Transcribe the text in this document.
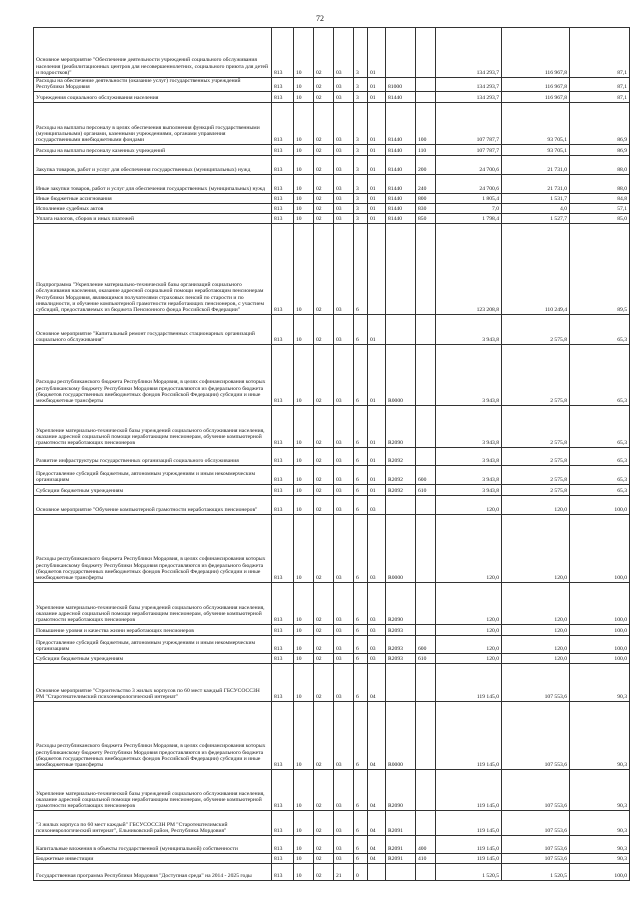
72
Основное мероприятие "Обеспечение деятельности учреждений социального обслуживания населения (реабилитационных центров для несовершеннолетних, социального приюта для детей и подростков)"	813	10	02	03	3	01			134 293,7	116 967,8	87,1
Расходы на обеспечение деятельности (оказание услуг) государственных учреждений Республики Мордовия	813	10	02	03	3	01	81000		134 293,7	116 967,8	87,1
Учреждения социального обслуживания населения	813	10	02	03	3	01	81440		134 293,7	116 967,8	87,1
Расходы на выплаты персоналу в целях обеспечения выполнения функций государственными (муниципальными) органами, казенными учреждениями, органами управления государственными внебюджетными фондами	813	10	02	03	3	01	81440	100	107 787,7	93 705,1	86,9
Расходы на выплаты персоналу казенных учреждений	813	10	02	03	3	01	81440	110	107 787,7	93 705,1	86,9
Закупка товаров, работ и услуг для обеспечения государственных (муниципальных) нужд	813	10	02	03	3	01	81440	200	24 700,6	21 731,0	88,0
Иные закупки товаров, работ и услуг для обеспечения государственных (муниципальных) нужд	813	10	02	03	3	01	81440	240	24 700,6	21 731,0	88,0
Иные бюджетные ассигнования	813	10	02	03	3	01	81440	800	1 805,4	1 531,7	84,8
Исполнение судебных актов	813	10	02	03	3	01	81440	830	7,0	4,0	57,1
Уплата налогов, сборов и иных платежей	813	10	02	03	3	01	81440	850	1 798,4	1 527,7	85,0
Подпрограмма "Укрепление материально-технической базы организаций социального обслуживания населения, оказание адресной социальной помощи неработающим пенсионерам Республики Мордовия, являющимся получателями страховых пенсий по старости и по инвалидности, и обучение компьютерной грамотности неработающих пенсионеров, с участием субсидий, предоставляемых из бюджета Пенсионного фонда Российской Федерации"	813	10	02	03	6				123 208,8	110 249,4	89,5
Основное мероприятие "Капитальный ремонт государственных стационарных организаций социального обслуживания"	813	10	02	03	6	01			3 943,8	2 575,8	65,3
Расходы республиканского бюджета Республики Мордовия, в целях софинансирования которых республиканскому бюджету Республики Мордовия предоставляются из федерального бюджета (бюджетов государственных внебюджетных фондов Российской Федерации) субсидии и иные межбюджетные трансферты	813	10	02	03	6	01	R0000		3 943,8	2 575,8	65,3
Укрепление материально-технической базы учреждений социального обслуживания населения, оказание адресной социальной помощи неработающим пенсионерам, обучение компьютерной грамотности неработающих пенсионеров	813	10	02	03	6	01	R2090		3 943,8	2 575,8	65,3
Развитие инфраструктуры государственных организаций социального обслуживания	813	10	02	03	6	01	R2092		3 943,8	2 575,8	65,3
Предоставление субсидий бюджетным, автономным учреждениям и иным некоммерческим организациям	813	10	02	03	6	01	R2092	600	3 943,8	2 575,8	65,3
Субсидии бюджетным учреждениям	813	10	02	03	6	01	R2092	610	3 943,8	2 575,8	65,3
Основное мероприятие "Обучение компьютерной грамотности неработающих пенсионеров"	813	10	02	03	6	03			120,0	120,0	100,0
Расходы республиканского бюджета Республики Мордовия, в целях софинансирования которых республиканскому бюджету Республики Мордовия предоставляются из федерального бюджета (бюджетов государственных внебюджетных фондов Российской Федерации) субсидии и иные межбюджетные трансферты	813	10	02	03	6	03	R0000		120,0	120,0	100,0
Укрепление материально-технической базы учреждений социального обслуживания населения, оказание адресной социальной помощи неработающим пенсионерам, обучение компьютерной грамотности неработающих пенсионеров	813	10	02	03	6	03	R2090		120,0	120,0	100,0
Повышение уровня и качества жизни неработающих пенсионеров	813	10	02	03	6	03	R2093		120,0	120,0	100,0
Предоставление субсидий бюджетным, автономным учреждениям и иным некоммерческим организациям	813	10	02	03	6	03	R2093	600	120,0	120,0	100,0
Субсидии бюджетным учреждениям	813	10	02	03	6	03	R2093	610	120,0	120,0	100,0
Основное мероприятие "Строительство 3 жилых корпусов по 60 мест каждый ГБСУСОССЗН РМ "Старотештелимский психоневрологический интернат"	813	10	02	03	6	04			119 145,0	107 553,6	90,3
Расходы республиканского бюджета Республики Мордовия, в целях софинансирования которых республиканскому бюджету Республики Мордовия предоставляются из федерального бюджета (бюджетов государственных внебюджетных фондов Российской Федерации) субсидии и иные межбюджетные трансферты	813	10	02	03	6	04	R0000		119 145,0	107 553,6	90,3
Укрепление материально-технической базы учреждений социального обслуживания населения, оказание адресной социальной помощи неработающим пенсионерам, обучение компьютерной грамотности неработающих пенсионеров	813	10	02	03	6	04	R2090		119 145,0	107 553,6	90,3
"3 жилых корпуса по 60 мест каждый" ГБСУСОССЗН РМ "Старотештелимский психоневрологический интернат", Ельниковский район, Республика Мордовия"	813	10	02	03	6	04	R2091		119 145,0	107 553,6	90,3
Капитальные вложения в объекты государственной (муниципальной) собственности	813	10	02	03	6	04	R2091	400	119 145,0	107 553,6	90,3
Бюджетные инвестиции	813	10	02	03	6	04	R2091	410	119 145,0	107 553,6	90,3
Государственная программа Республики Мордовия "Доступная среда" на 2014 - 2025 годы	813	10	02	21	0				1 520,5	1 520,5	100,0
